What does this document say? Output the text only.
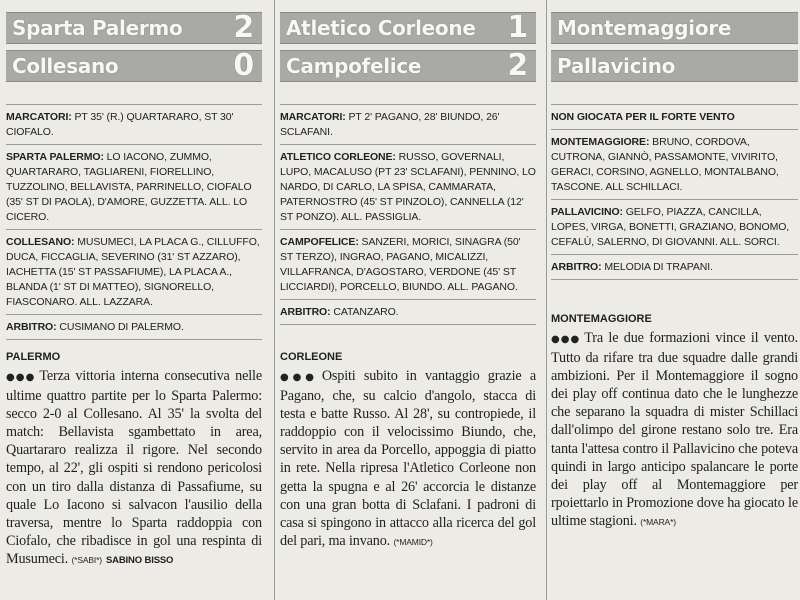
Sparta Palermo 2
Collesano	0
MARCATORI: PT 35' (R.) QUARTARARO, ST 30' CIOFALO.
SPARTA PALERMO: LO IACONO, ZUMMO, QUARTARARO, TAGLIARENI, FIORELLINO, TUZZOLINO, BELLAVISTA, PARRINELLO, CIOFALO (35' ST DI PAOLA), D'AMORE, GUZZETTA. ALL. LO CICERO.
COLLESANO: MUSUMECI, LA PLACA G., CILLUFFO, DUCA, FICCAGLIA, SEVERINO (31' ST AZZARO), IACHETTA (15' ST PASSAFIUME), LA PLACA A., BLANDA (1' ST DI MATTEO), SIGNORELLO, FIASCONARO. ALL. LAZZARA.
ARBITRO: CUSIMANO DI PALERMO.
PALERMO
●●● Terza vittoria interna consecutiva nelle ultime quattro partite per lo Sparta Palermo: secco 2-0 al Collesano. Al 35' la svolta del match: Bellavista sgambettato in area, Quartararo realizza il rigore. Nel secondo tempo, al 22', gli ospiti si rendono pericolosi con un tiro dalla distanza di Passafiume, su quale Lo Iacono si salvacon l'ausilio della traversa, mentre lo Sparta raddoppia con Ciofalo, che ribadisce in gol una respinta di Musumeci. (*SABI*) SABINO BISSO
Atletico Corleone 1
Campofelice	2
MARCATORI: PT 2' PAGANO, 28' BIUNDO, 26' SCLAFANI.
ATLETICO CORLEONE: RUSSO, GOVERNALI, LUPO, MACALUSO (PT 23' SCLAFANI), PENNINO, LO NARDO, DI CARLO, LA SPISA, CAMMARATA, PATERNOSTRO (45' ST PINZOLO), CANNELLA (12' ST PONZO). ALL. PASSIGLIA.
CAMPOFELICE: SANZERI, MORICI, SINAGRA (50' ST TERZO), INGRAO, PAGANO, MICALIZZI, VILLAFRANCA, D'AGOSTARO, VERDONE (45' ST LICCIARDI), PORCELLO, BIUNDO. ALL. PAGANO.
ARBITRO: CATANZARO.
CORLEONE
●●● Ospiti subito in vantaggio grazie a Pagano, che, su calcio d'angolo, stacca di testa e batte Russo. Al 28', su contropiede, il raddoppio con il velocissimo Biundo, che, servito in area da Porcello, appoggia di piatto in rete. Nella ripresa l'Atletico Corleone non getta la spugna e al 26' accorcia le distanze con una gran botta di Sclafani. I padroni di casa si spingono in attacco alla ricerca del gol del pari, ma invano. (*MAMID*)
Montemaggiore
Pallavicino
NON GIOCATA PER IL FORTE VENTO
MONTEMAGGIORE: BRUNO, CORDOVA, CUTRONA, GIANNÒ, PASSAMONTE, VIVIRITO, GERACI, CORSINO, AGNELLO, MONTALBANO, TASCONE. ALL SCHILLACI.
PALLAVICINO: GELFO, PIAZZA, CANCILLA, LOPES, VIRGA, BONETTI, GRAZIANO, BONOMO, CEFALÙ, SALERNO, DI GIOVANNI. ALL. SORCI.
ARBITRO: MELODIA DI TRAPANI.
MONTEMAGGIORE
●●● Tra le due formazioni vince il vento. Tutto da rifare tra due squadre dalle grandi ambizioni. Per il Montemaggiore il sogno dei play off continua dato che le lunghezze che separano la squadra di mister Schillaci dall'olimpo del girone restano solo tre. Era tanta l'attesa contro il Pallavicino che poteva quindi in largo anticipo spalancare le porte dei play off al Montemaggiore per rpoiettarlo in Promozione dove ha giocato le ultime stagioni. (*MARA*)
